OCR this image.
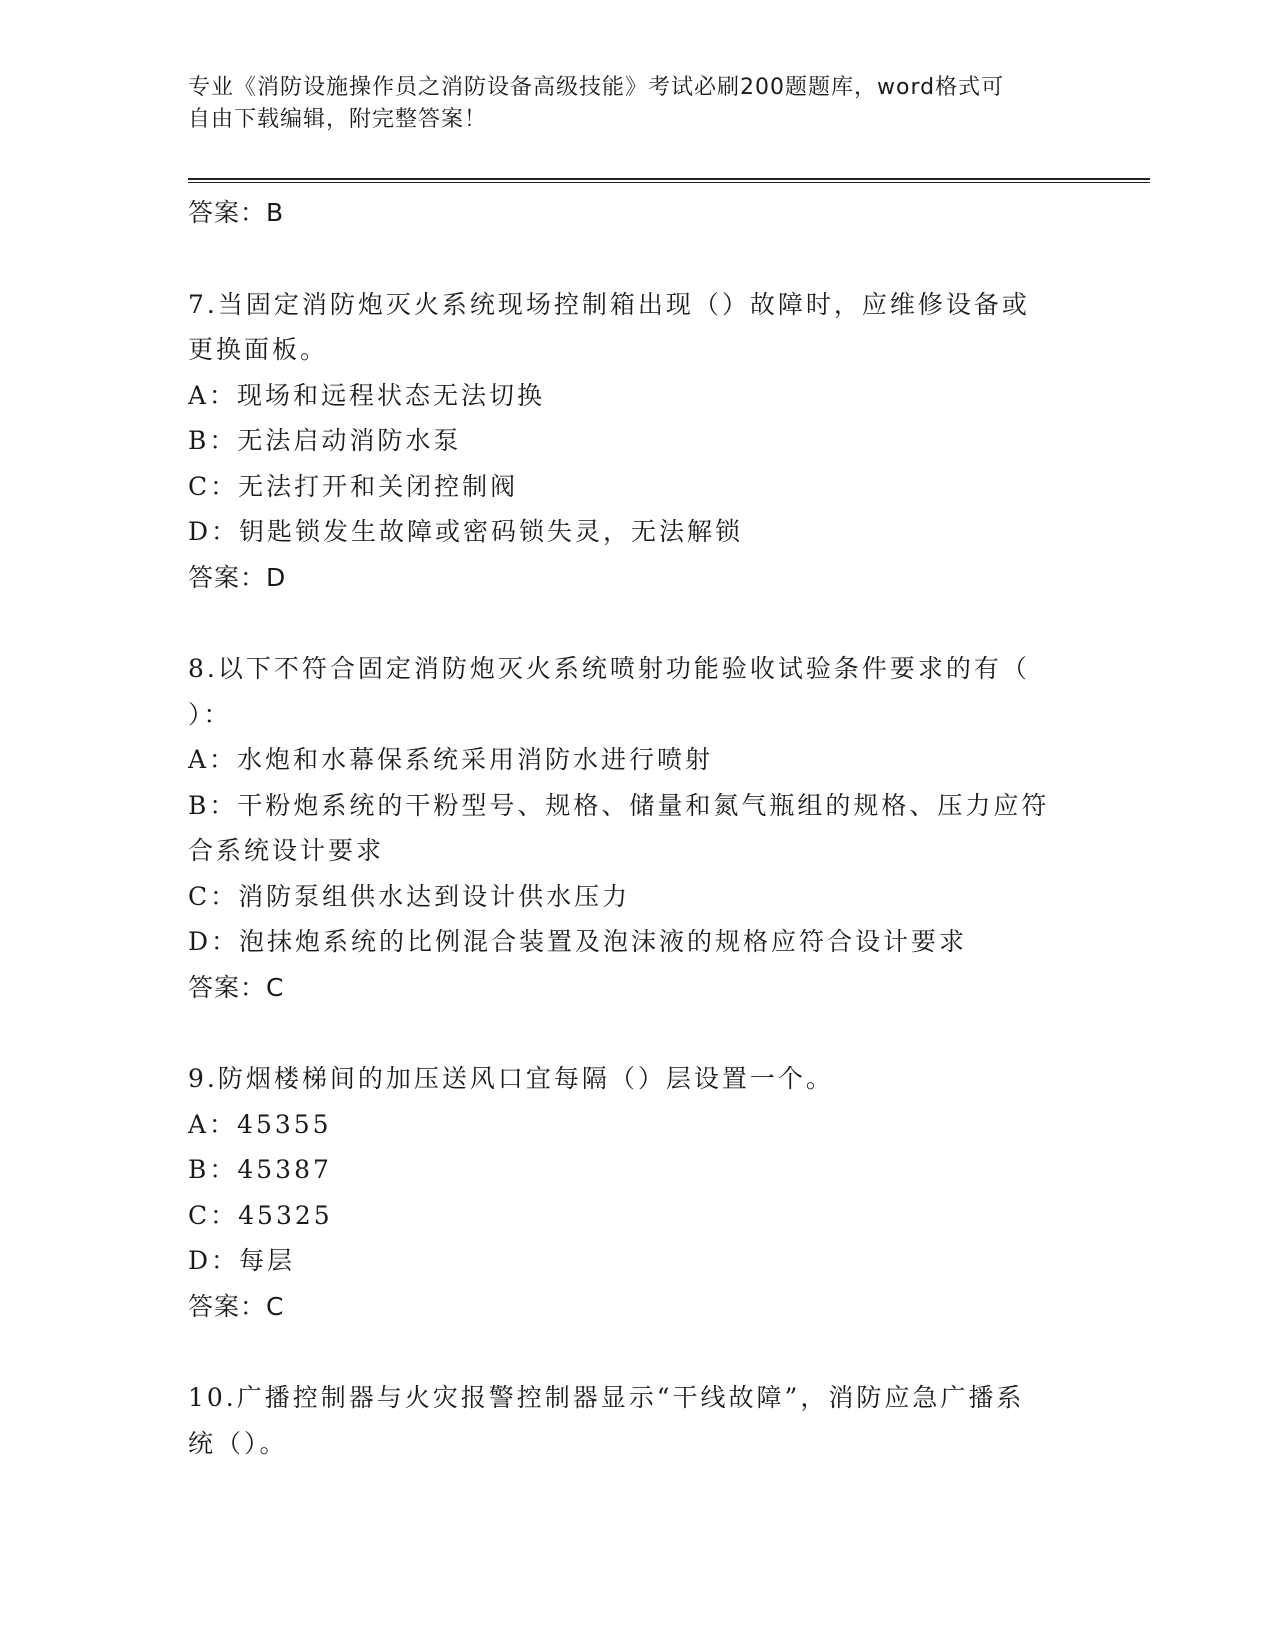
专业《消防设施操作员之消防设备高级技能》考试必刷200题题库，word格式可
自由下载编辑，附完整答案！
答案：B
7.当固定消防炮灭火系统现场控制箱出现（）故障时，应维修设备或
更换面板。
A：现场和远程状态无法切换
B：无法启动消防水泵
C：无法打开和关闭控制阀
D：钥匙锁发生故障或密码锁失灵，无法解锁
答案：D
8.以下不符合固定消防炮灭火系统喷射功能验收试验条件要求的有（
）：
A：水炮和水幕保系统采用消防水进行喷射
B：干粉炮系统的干粉型号、规格、储量和氮气瓶组的规格、压力应符
合系统设计要求
C：消防泵组供水达到设计供水压力
D：泡抹炮系统的比例混合装置及泡沫液的规格应符合设计要求
答案：C
9.防烟楼梯间的加压送风口宜每隔（）层设置一个。
A：45355
B：45387
C：45325
D：每层
答案：C
10.广播控制器与火灾报警控制器显示“干线故障”，消防应急广播系
统（）。
